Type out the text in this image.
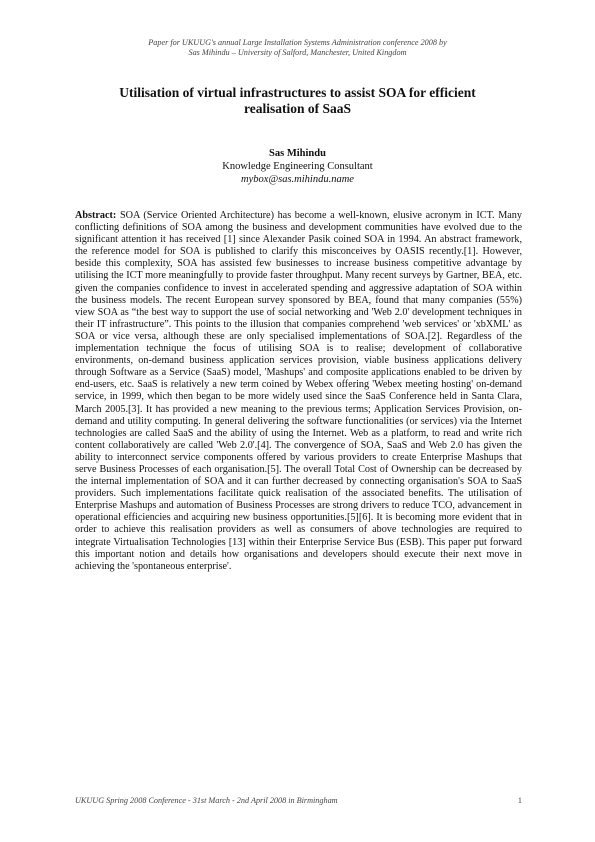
Paper for UKUUG's annual Large Installation Systems Administration conference 2008 by
Sas Mihindu – University of Salford, Manchester, United Kingdom
Utilisation of virtual infrastructures to assist SOA for efficient realisation of SaaS
Sas Mihindu
Knowledge Engineering Consultant
mybox@sas.mihindu.name

Abstract: SOA (Service Oriented Architecture) has become a well-known, elusive acronym in ICT. Many conflicting definitions of SOA among the business and development communities have evolved due to the significant attention it has received [1] since Alexander Pasik coined SOA in 1994. An abstract framework, the reference model for SOA is published to clarify this misconceives by OASIS recently.[1]. However, beside this complexity, SOA has assisted few businesses to increase business competitive advantage by utilising the ICT more meaningfully to provide faster throughput. Many recent surveys by Gartner, BEA, etc. given the companies confidence to invest in accelerated spending and aggressive adaptation of SOA within the business models. The recent European survey sponsored by BEA, found that many companies (55%) view SOA as “the best way to support the use of social networking and 'Web 2.0' development techniques in their IT infrastructure”. This points to the illusion that companies comprehend 'web services' or 'xbXML' as SOA or vice versa, although these are only specialised implementations of SOA.[2]. Regardless of the implementation technique the focus of utilising SOA is to realise; development of collaborative environments, on-demand business application services provision, viable business applications delivery through Software as a Service (SaaS) model, 'Mashups' and composite applications enabled to be driven by end-users, etc. SaaS is relatively a new term coined by Webex offering 'Webex meeting hosting' on-demand service, in 1999, which then began to be more widely used since the SaaS Conference held in Santa Clara, March 2005.[3]. It has provided a new meaning to the previous terms; Application Services Provision, on-demand and utility computing. In general delivering the software functionalities (or services) via the Internet technologies are called SaaS and the ability of using the Internet. Web as a platform, to read and write rich content collaboratively are called 'Web 2.0'.[4]. The convergence of SOA, SaaS and Web 2.0 has given the ability to interconnect service components offered by various providers to create Enterprise Mashups that serve Business Processes of each organisation.[5]. The overall Total Cost of Ownership can be decreased by the internal implementation of SOA and it can further decreased by connecting organisation's SOA to SaaS providers. Such implementations facilitate quick realisation of the associated benefits. The utilisation of Enterprise Mashups and automation of Business Processes are strong drivers to reduce TCO, advancement in operational efficiencies and acquiring new business opportunities.[5][6]. It is becoming more evident that in order to achieve this realisation providers as well as consumers of above technologies are required to integrate Virtualisation Technologies [13] within their Enterprise Service Bus (ESB). This paper put forward this important notion and details how organisations and developers should execute their next move in achieving the 'spontaneous enterprise'.

UKUUG Spring 2008 Conference - 31st March - 2nd April 2008 in Birmingham	1
